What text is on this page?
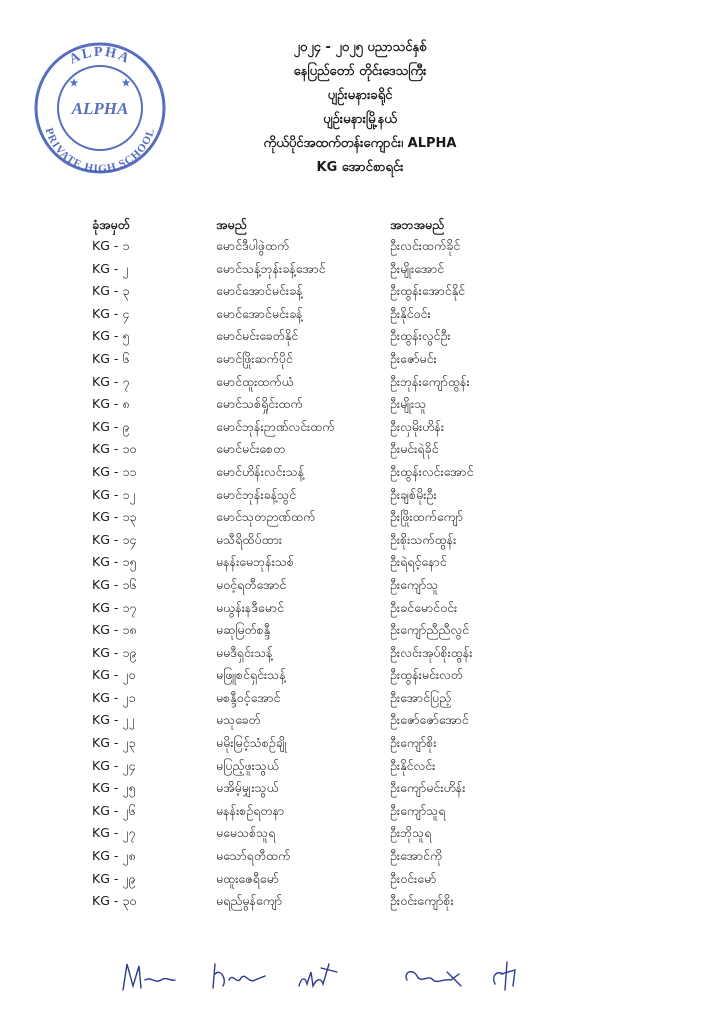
ALPHA
PRIVATE HIGH SCHOOL
ALPHA
★	★
၂၀၂၄ - ၂၀၂၅ ပညာသင်နှစ်
နေပြည်တော် တိုင်းဒေသကြီး
ပျဉ်းမနားခရိုင်
ပျဉ်းမနားမြို့နယ်
ကိုယ်ပိုင်အထက်တန်းကျောင်း၊ ALPHA
KG အောင်စာရင်း
ခုံအမှတ်	အမည်	အဘအမည်
KG - ၁	မောင်ဒီပါဖွဲထက်	ဦးလင်းထက်ခိုင်
KG - ၂	မောင်သန့်ဘုန်းခန့်အောင်	ဦးမျိုးအောင်
KG - ၃	မောင်အောင်မင်းခန့်	ဦးထွန်းအောင်နိုင်
KG - ၄	မောင်အောင်မင်းခန့်	ဦးနိုင်ဝင်း
KG - ၅	မောင်မင်းခေတ်နိုင်	ဦးထွန်းလွင်ဦး
KG - ၆	မောင်ဖြိုးဆက်ပိုင်	ဦးဇော်မင်း
KG - ၇	မောင်ထူးထက်ယံ	ဦးဘုန်းကျော်ထွန်း
KG - ၈	မောင်သစ်ရှိုင်းထက်	ဦးမျိုးသူ
KG - ၉	မောင်ဘုန်းဉာဏ်လင်းထက်	ဦးလှမိုးဟိန်း
KG - ၁၀	မောင်မင်းစေတ	ဦးမင်းရဲခိုင်
KG - ၁၁	မောင်ဟိန်းလင်းသန့်	ဦးထွန်းလင်းအောင်
KG - ၁၂	မောင်ဘုန်းခန့်သွင်	ဦးချစ်မိုးဦး
KG - ၁၃	မောင်သုတဉာဏ်ထက်	ဦးဖြိုးထက်ကျော်
KG - ၁၄	မသီရိထိပ်ထား	ဦးစိုးသက်ထွန်း
KG - ၁၅	မနန်းမေဘုန်းသစ်	ဦးရဲရင့်နောင်
KG - ၁၆	မဝင့်ရတီအောင်	ဦးကျော်သူ
KG - ၁၇	မယွန်းနဒီမောင်	ဦးခင်မောင်ဝင်း
KG - ၁၈	မဆုမြတ်စန္ဒီ	ဦးကျော်ညီညီလွင်
KG - ၁၉	မမဒီရှင်းသန့်	ဦးလင်းအုပ်စိုးထွန်း
KG - ၂၀	မဖြူစင်ရှင်းသန့်	ဦးထွန်းမင်းလတ်
KG - ၂၁	မစန္ဒီဝင့်အောင်	ဦးအောင်ပြည့်
KG - ၂၂	မသုခေတ်	ဦးဇော်ဇော်အောင်
KG - ၂၃	မမိုးမြင့်သံစဉ်ချို	ဦးကျော်စိုး
KG - ၂၄	မပြည့်ဖူးသွယ်	ဦးနိုင်လင်း
KG - ၂၅	မအိမ့်မျှးသွယ်	ဦးကျော်မင်းဟိန်း
KG - ၂၆	မနန်းစဉ်ရတနာ	ဦးကျော်သူရ
KG - ၂၇	မမေသစ်သူရ	ဦးဘိုသူရ
KG - ၂၈	မသော်ရတီထက်	ဦးအောင်ကို
KG - ၂၉	မထူးဇေရီမော်	ဦးဝင်းမော်
KG - ၃၀	မရည်မွန်ကျော်	ဦးဝင်းကျော်စိုး
